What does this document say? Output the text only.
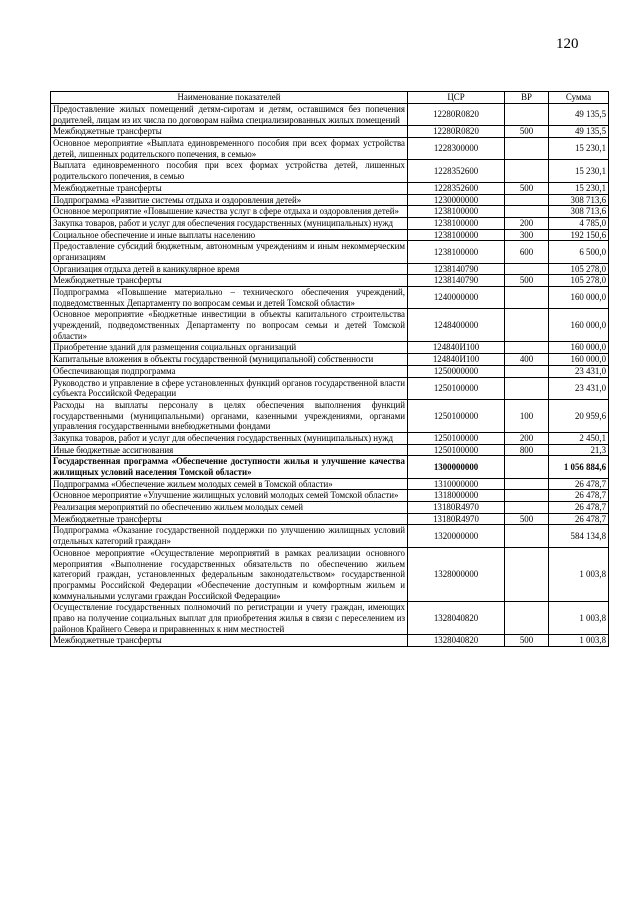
120
Наименование показателей	ЦСР	ВР	Сумма
Предоставление жилых помещений детям-сиротам и детям, оставшимся без попечения родителей, лицам из их числа по договорам найма специализированных жилых помещений	12280R0820		49 135,5
Межбюджетные трансферты	12280R0820	500	49 135,5
Основное мероприятие «Выплата единовременного пособия при всех формах устройства детей, лишенных родительского попечения, в семью»	1228300000		15 230,1
Выплата единовременного пособия при всех формах устройства детей, лишенных родительского попечения, в семью	1228352600		15 230,1
Межбюджетные трансферты	1228352600	500	15 230,1
Подпрограмма «Развитие системы отдыха и оздоровления детей»	1230000000		308 713,6
Основное мероприятие «Повышение качества услуг в сфере отдыха и оздоровления детей»	1238100000		308 713,6
Закупка товаров, работ и услуг для обеспечения государственных (муниципальных) нужд	1238100000	200	4 785,0
Социальное обеспечение и иные выплаты населению	1238100000	300	192 150,6
Предоставление субсидий бюджетным, автономным учреждениям и иным некоммерческим организациям	1238100000	600	6 500,0
Организация отдыха детей в каникулярное время	1238140790		105 278,0
Межбюджетные трансферты	1238140790	500	105 278,0
Подпрограмма «Повышение материально – технического обеспечения учреждений, подведомственных Департаменту по вопросам семьи и детей Томской области»	1240000000		160 000,0
Основное мероприятие «Бюджетные инвестиции в объекты капитального строительства учреждений, подведомственных Департаменту по вопросам семьи и детей Томской области»	1248400000		160 000,0
Приобретение зданий для размещения социальных организаций	124840И100		160 000,0
Капитальные вложения в объекты государственной (муниципальной) собственности	124840И100	400	160 000,0
Обеспечивающая подпрограмма	1250000000		23 431,0
Руководство и управление в сфере установленных функций органов государственной власти субъекта Российской Федерации	1250100000		23 431,0
Расходы на выплаты персоналу в целях обеспечения выполнения функций государственными (муниципальными) органами, казенными учреждениями, органами управления государственными внебюджетными фондами	1250100000	100	20 959,6
Закупка товаров, работ и услуг для обеспечения государственных (муниципальных) нужд	1250100000	200	2 450,1
Иные бюджетные ассигнования	1250100000	800	21,3
Государственная программа «Обеспечение доступности жилья и улучшение качества жилищных условий населения Томской области»	1300000000		1 056 884,6
Подпрограмма «Обеспечение жильем молодых семей в Томской области»	1310000000		26 478,7
Основное мероприятие «Улучшение жилищных условий молодых семей Томской области»	1318000000		26 478,7
Реализация мероприятий по обеспечению жильем молодых семей	13180R4970		26 478,7
Межбюджетные трансферты	13180R4970	500	26 478,7
Подпрограмма «Оказание государственной поддержки по улучшению жилищных условий отдельных категорий граждан»	1320000000		584 134,8
Основное мероприятие «Осуществление мероприятий в рамках реализации основного мероприятия «Выполнение государственных обязательств по обеспечению жильем категорий граждан, установленных федеральным законодательством» государственной программы Российской Федерации «Обеспечение доступным и комфортным жильем и коммунальными услугами граждан Российской Федерации»	1328000000		1 003,8
Осуществление государственных полномочий по регистрации и учету граждан, имеющих право на получение социальных выплат для приобретения жилья в связи с переселением из районов Крайнего Севера и приравненных к ним местностей	1328040820		1 003,8
Межбюджетные трансферты	1328040820	500	1 003,8
